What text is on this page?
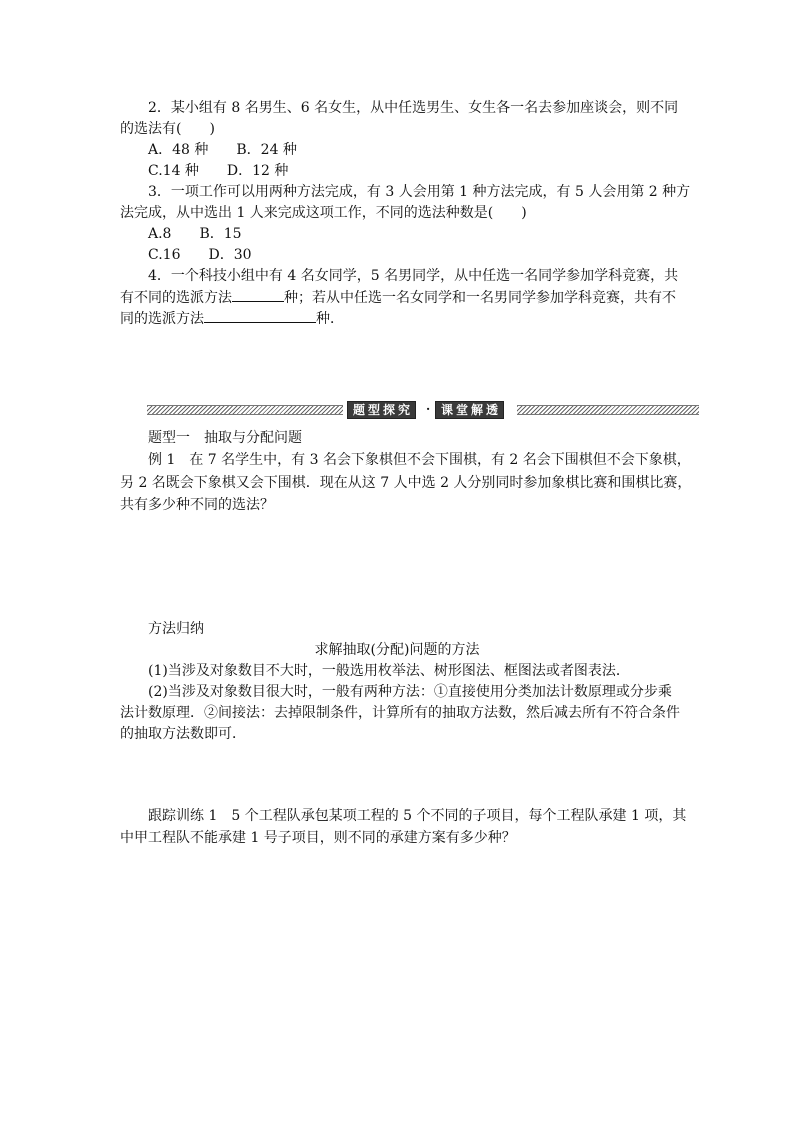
2．某小组有 8 名男生、6 名女生，从中任选男生、女生各一名去参加座谈会，则不同
的选法有(　　)
A．48 种　　B．24 种
C.14 种　　D．12 种
3．一项工作可以用两种方法完成，有 3 人会用第 1 种方法完成，有 5 人会用第 2 种方
法完成，从中选出 1 人来完成这项工作，不同的选法种数是(　　)
A.8　　B．15
C.16　　D．30
4．一个科技小组中有 4 名女同学，5 名男同学，从中任选一名同学参加学科竞赛，共
有不同的选派方法	种；若从中任选一名女同学和一名男同学参加学科竞赛，共有不
同的选派方法	种．
题型探究 · 课堂解透
题型一　抽取与分配问题
例 1　在 7 名学生中，有 3 名会下象棋但不会下围棋，有 2 名会下围棋但不会下象棋，
另 2 名既会下象棋又会下围棋．现在从这 7 人中选 2 人分别同时参加象棋比赛和围棋比赛，
共有多少种不同的选法？
方法归纳
求解抽取(分配)问题的方法
(1)当涉及对象数目不大时，一般选用枚举法、树形图法、框图法或者图表法．
(2)当涉及对象数目很大时，一般有两种方法：①直接使用分类加法计数原理或分步乘
法计数原理．②间接法：去掉限制条件，计算所有的抽取方法数，然后减去所有不符合条件
的抽取方法数即可．
跟踪训练 1　5 个工程队承包某项工程的 5 个不同的子项目，每个工程队承建 1 项，其
中甲工程队不能承建 1 号子项目，则不同的承建方案有多少种？
